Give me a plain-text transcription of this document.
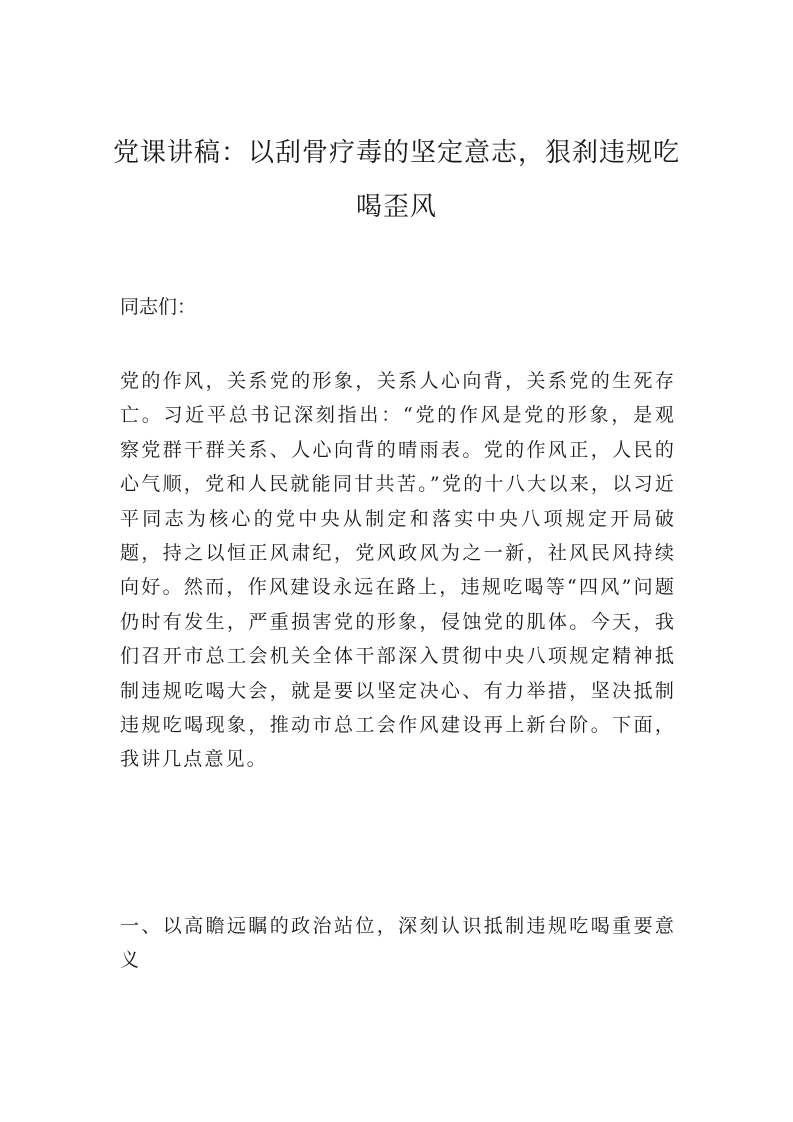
党课讲稿：以刮骨疗毒的坚定意志，狠刹违规吃喝歪风

同志们：

党的作风，关系党的形象，关系人心向背，关系党的生死存亡。习近平总书记深刻指出：“党的作风是党的形象，是观察党群干群关系、人心向背的晴雨表。党的作风正，人民的心气顺，党和人民就能同甘共苦。”党的十八大以来，以习近平同志为核心的党中央从制定和落实中央八项规定开局破题，持之以恒正风肃纪，党风政风为之一新，社风民风持续向好。然而，作风建设永远在路上，违规吃喝等“四风”问题仍时有发生，严重损害党的形象，侵蚀党的肌体。今天，我们召开市总工会机关全体干部深入贯彻中央八项规定精神抵制违规吃喝大会，就是要以坚定决心、有力举措，坚决抵制违规吃喝现象，推动市总工会作风建设再上新台阶。下面，我讲几点意见。

一、以高瞻远瞩的政治站位，深刻认识抵制违规吃喝重要意义
